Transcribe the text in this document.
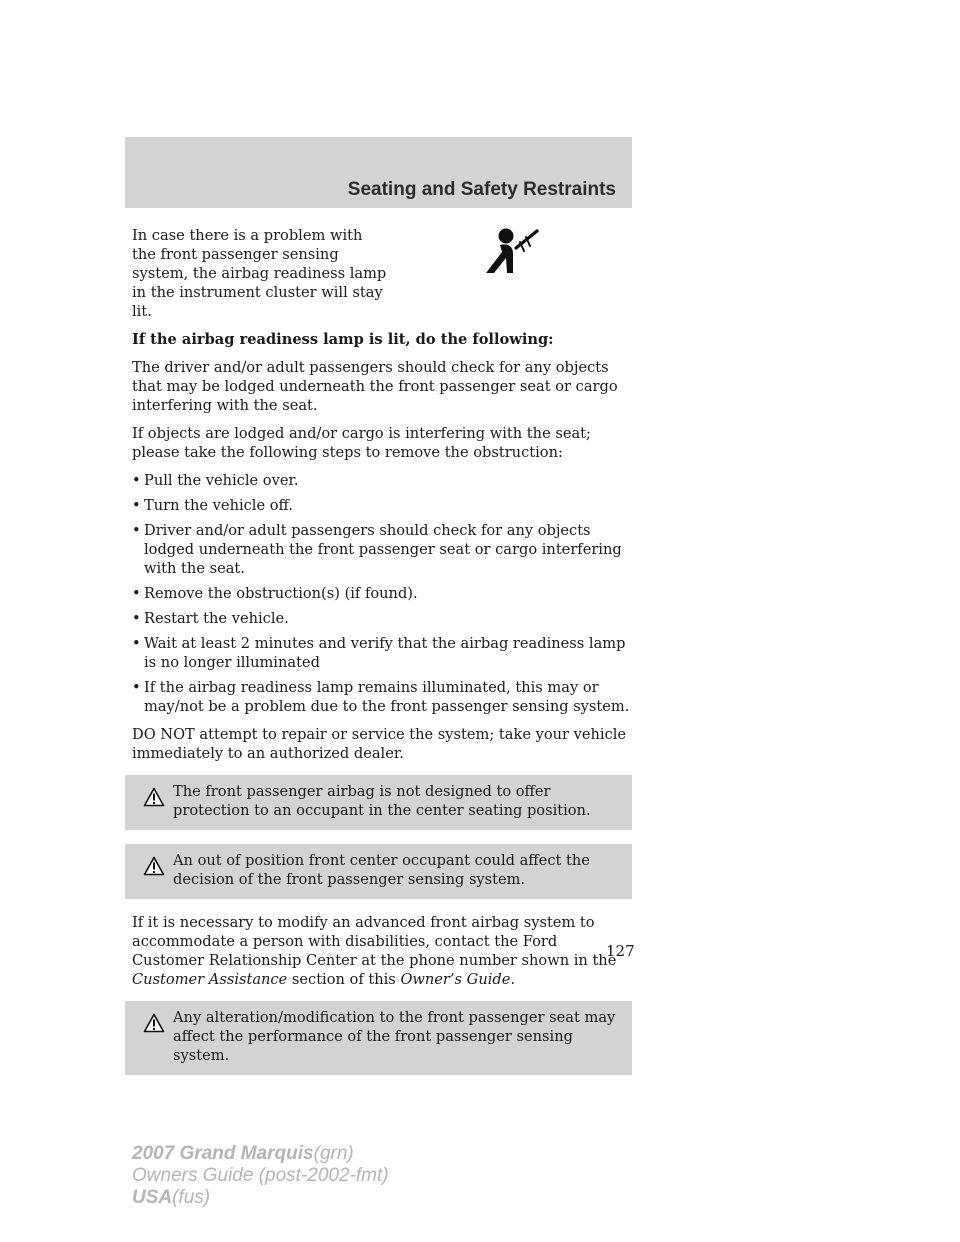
Seating and Safety Restraints

In case there is a problem with the front passenger sensing system, the airbag readiness lamp in the instrument cluster will stay lit.

If the airbag readiness lamp is lit, do the following:

The driver and/or adult passengers should check for any objects that may be lodged underneath the front passenger seat or cargo interfering with the seat.

If objects are lodged and/or cargo is interfering with the seat; please take the following steps to remove the obstruction:

• Pull the vehicle over.
• Turn the vehicle off.
• Driver and/or adult passengers should check for any objects lodged underneath the front passenger seat or cargo interfering with the seat.
• Remove the obstruction(s) (if found).
• Restart the vehicle.
• Wait at least 2 minutes and verify that the airbag readiness lamp is no longer illuminated
• If the airbag readiness lamp remains illuminated, this may or may/not be a problem due to the front passenger sensing system.

DO NOT attempt to repair or service the system; take your vehicle immediately to an authorized dealer.

The front passenger airbag is not designed to offer protection to an occupant in the center seating position.
An out of position front center occupant could affect the decision of the front passenger sensing system.

If it is necessary to modify an advanced front airbag system to accommodate a person with disabilities, contact the Ford Customer Relationship Center at the phone number shown in the Customer Assistance section of this Owner’s Guide.

Any alteration/modification to the front passenger seat may affect the performance of the front passenger sensing system.
127
2007 Grand Marquis(grn)
Owners Guide (post-2002-fmt)
USA(fus)
